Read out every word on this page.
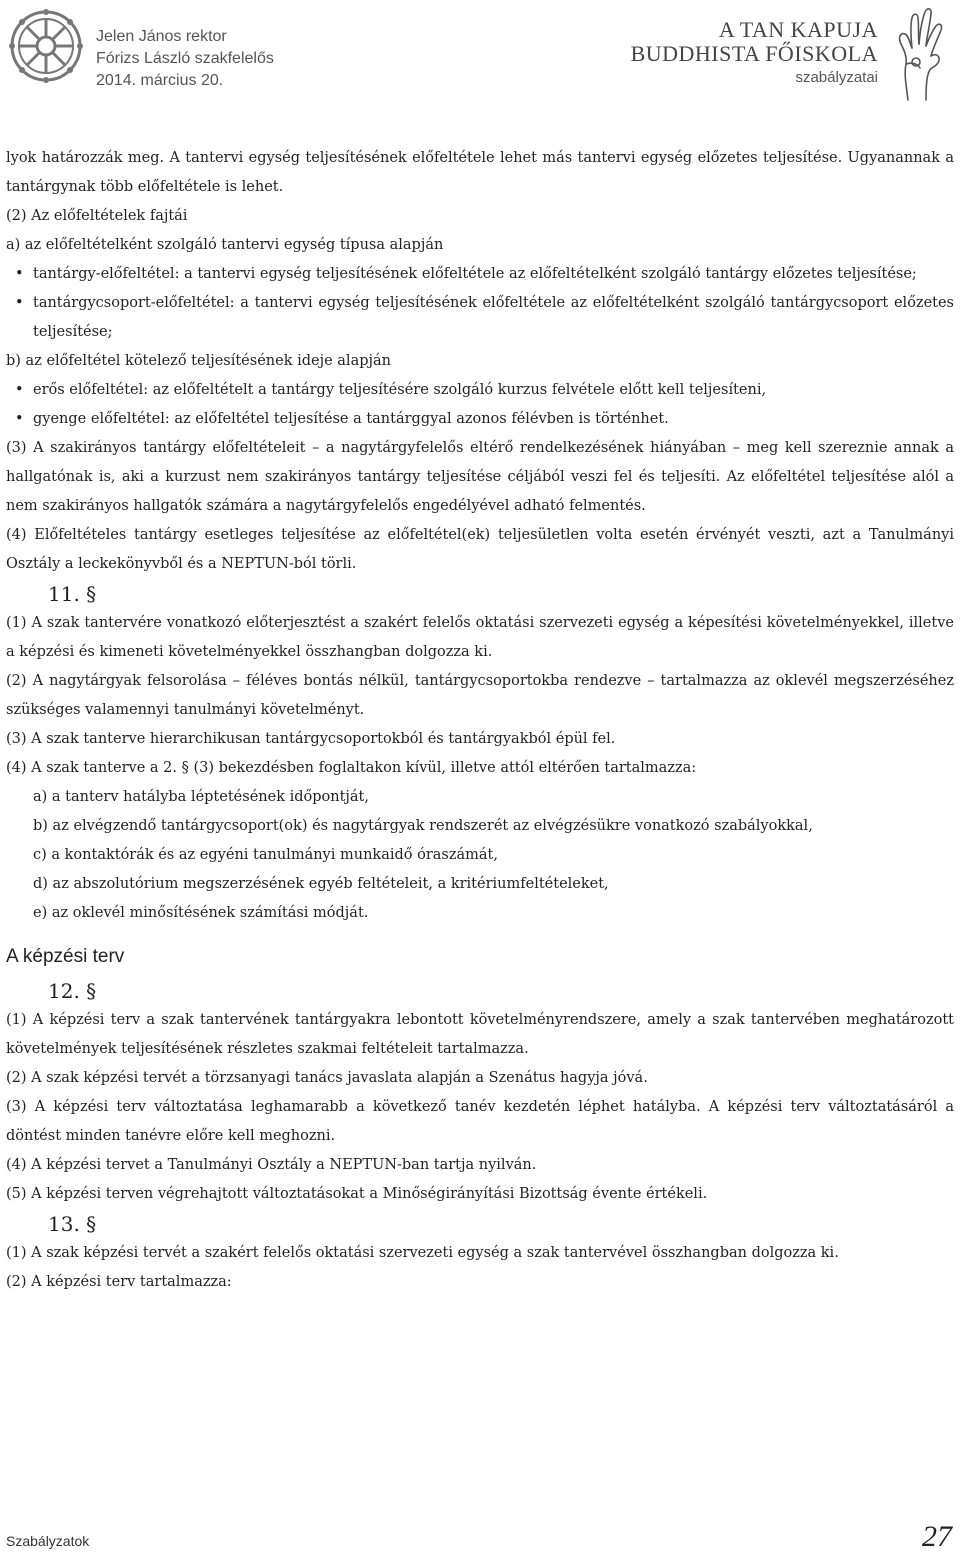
Jelen János rektor
Fórizs László szakfelelős
2014. március 20.
A TAN KAPUJA
BUDDHISTA FŐISKOLA
szabályzatai

lyok határozzák meg. A tantervi egység teljesítésének előfeltétele lehet más tantervi egység előzetes teljesítése. Ugyanannak a tantárgynak több előfeltétele is lehet.

(2) Az előfeltételek fajtái

a) az előfeltételként szolgáló tantervi egység típusa alapján

• tantárgy-előfeltétel: a tantervi egység teljesítésének előfeltétele az előfeltételként szolgáló tantárgy előzetes teljesítése;

• tantárgycsoport-előfeltétel: a tantervi egység teljesítésének előfeltétele az előfeltételként szolgáló tantárgycsoport előzetes teljesítése;

b) az előfeltétel kötelező teljesítésének ideje alapján

• erős előfeltétel: az előfeltételt a tantárgy teljesítésére szolgáló kurzus felvétele előtt kell teljesíteni,

• gyenge előfeltétel: az előfeltétel teljesítése a tantárggyal azonos félévben is történhet.

(3) A szakirányos tantárgy előfeltételeit – a nagytárgyfelelős eltérő rendelkezésének hiányában – meg kell szereznie annak a hallgatónak is, aki a kurzust nem szakirányos tantárgy teljesítése céljából veszi fel és teljesíti. Az előfeltétel teljesítése alól a nem szakirányos hallgatók számára a nagytárgyfelelős engedélyével adható felmentés.

(4) Előfeltételes tantárgy esetleges teljesítése az előfeltétel(ek) teljesületlen volta esetén érvényét veszti, azt a Tanulmányi Osztály a leckekönyvből és a NEPTUN-ból törli.

11. §

(1) A szak tantervére vonatkozó előterjesztést a szakért felelős oktatási szervezeti egység a képesítési követelményekkel, illetve a képzési és kimeneti követelményekkel összhangban dolgozza ki.

(2) A nagytárgyak felsorolása – féléves bontás nélkül, tantárgycsoportokba rendezve – tartalmazza az oklevél megszerzéséhez szükséges valamennyi tanulmányi követelményt.

(3) A szak tanterve hierarchikusan tantárgycsoportokból és tantárgyakból épül fel.

(4) A szak tanterve a 2. § (3) bekezdésben foglaltakon kívül, illetve attól eltérően tartalmazza:

a) a tanterv hatályba léptetésének időpontját,

b) az elvégzendő tantárgycsoport(ok) és nagytárgyak rendszerét az elvégzésükre vonatkozó szabályokkal,

c) a kontaktórák és az egyéni tanulmányi munkaidő óraszámát,

d) az abszolutórium megszerzésének egyéb feltételeit, a kritériumfeltételeket,

e) az oklevél minősítésének számítási módját.

A képzési terv

12. §

(1) A képzési terv a szak tantervének tantárgyakra lebontott követelményrendszere, amely a szak tantervében meghatározott követelmények teljesítésének részletes szakmai feltételeit tartalmazza.

(2) A szak képzési tervét a törzsanyagi tanács javaslata alapján a Szenátus hagyja jóvá.

(3) A képzési terv változtatása leghamarabb a következő tanév kezdetén léphet hatályba. A képzési terv változtatásáról a döntést minden tanévre előre kell meghozni.

(4) A képzési tervet a Tanulmányi Osztály a NEPTUN-ban tartja nyilván.

(5) A képzési terven végrehajtott változtatásokat a Minőségirányítási Bizottság évente értékeli.

13. §

(1) A szak képzési tervét a szakért felelős oktatási szervezeti egység a szak tantervével összhangban dolgozza ki.

(2) A képzési terv tartalmazza:

Szabályzatok	27
